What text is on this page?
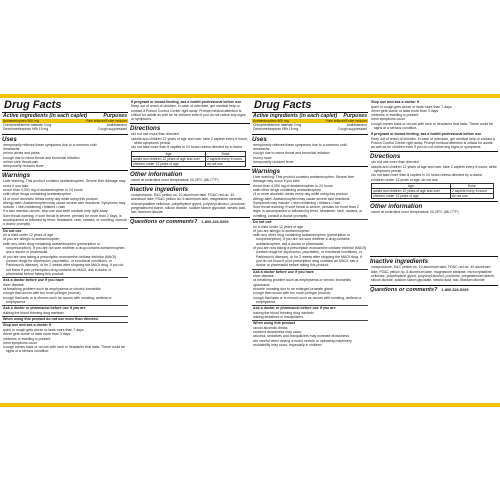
Drug Facts
Active ingredients (in each caplet)	Purposes
Acetaminophen 500 mg	Pain reliever/Fever reducer
Chlorpheniramine maleate 2 mg	Antihistamine
Dextromethorphan HBr 15 mg	Cough suppressant
Uses
• temporarily relieves these symptoms due to a common cold:
• headache
• minor aches and pains
• cough due to minor throat and bronchial irritation
• minor sore throat pain
• temporarily reduces fever
Warnings
Liver warning: This product contains acetaminophen. Severe liver damage may occur if you take
• more than 4,000 mg of acetaminophen in 24 hours
• with other drugs containing acetaminophen
• 3 or more alcoholic drinks every day while using this product
Allergy alert: Acetaminophen may cause severe skin reactions. Symptoms may include: • skin reddening • blisters • rash
If a skin reaction occurs, stop use and seek medical help right away.
Sore throat warning: If sore throat is severe, persists for more than 2 days, is accompanied or followed by fever, headache, rash, nausea, or vomiting, consult a doctor promptly.
Do not use
• in a child under 12 years of age
• if you are allergic to acetaminophen
• with any other drug containing acetaminophen (prescription or nonprescription). If you are not sure whether a drug contains acetaminophen, ask a doctor or pharmacist.
• if you are now taking a prescription monoamine oxidase inhibitor (MAOI) (certain drugs for depression, psychiatric, or emotional conditions, or Parkinson's disease), or for 2 weeks after stopping the MAOI drug. If you do not know if your prescription drug contains an MAOI, ask a doctor or pharmacist before taking this product.
Ask a doctor before use if you have
• liver disease
• a breathing problem such as emphysema or chronic bronchitis
• cough that occurs with too much phlegm (mucus)
• cough that lasts or is chronic such as occurs with smoking, asthma or emphysema
Ask a doctor or pharmacist before use if you are
• taking the blood thinning drug warfarin
When using this product do not use more than directed.
Stop use and ask a doctor if
• pain or cough gets worse or lasts more than 7 days
• fever gets worse or lasts more than 3 days
• redness or swelling is present
• new symptoms occur
• cough comes back or occurs with rash or headache that lasts. These could be signs of a serious condition.
If pregnant or breast-feeding, ask a health professional before use.
Keep out of reach of children. In case of overdose, get medical help or contact a Poison Control Center right away. Prompt medical attention is critical for adults as well as for children even if you do not notice any signs or symptoms.
Directions
• do not use more than directed
• adults and children 12 years of age and over: take 2 caplets every 6 hours, while symptoms persist
• do not take more than 8 caplets in 24 hours unless directed by a doctor
Age	Dose
adults and children 12 years of age and over	2 caplets every 6 hours
children under 12 years of age	do not use
Other information
• store at controlled room temperature 20-25°C (68-77°F)
Inactive ingredients
crospovidone, D&C yellow no. 10 aluminum lake, FD&C red no. 40 aluminum lake, FD&C yellow no. 6 aluminum lake, magnesium stearate, microcrystalline cellulose, polyethylene glycol, polyvinyl alcohol, povidone, pregelatinized starch, silicon dioxide, sodium starch glycolate, stearic acid, talc, titanium dioxide
Questions or comments? 1-800-326-5209
Drug Facts
Active ingredients (in each caplet) Purposes
Acetaminophen 500 mg	Pain reliever/Fever reducer
Chlorpheniramine maleate 2 mg	Antihistamine
Dextromethorphan HBr 15 mg	Cough suppressant
Uses
• temporarily relieves these symptoms due to a common cold:
• headache
• cough due to minor throat and bronchial irritation
• runny nose
• temporarily reduces fever
Warnings
Liver warning: This product contains acetaminophen. Severe liver damage may occur if you take
• more than 4,000 mg of acetaminophen in 24 hours
• with other drugs containing acetaminophen
• 3 or more alcoholic drinks every day while using this product
Allergy alert: Acetaminophen may cause severe skin reactions. Symptoms may include: • skin reddening • blisters • rash
Sore throat warning: If sore throat is severe, persists for more than 2 days, is accompanied or followed by fever, headache, rash, nausea, or vomiting, consult a doctor promptly.
Do not use
• in a child under 12 years of age
• if you are allergic to acetaminophen
• with any other drug containing acetaminophen (prescription or nonprescription). If you are not sure whether a drug contains acetaminophen, ask a doctor or pharmacist.
• if you are now taking a prescription monoamine oxidase inhibitor (MAOI) (certain drugs for depression, psychiatric, or emotional conditions, or Parkinson's disease), or for 2 weeks after stopping the MAOI drug. If you do not know if your prescription drug contains an MAOI, ask a doctor or pharmacist before taking this product.
Ask a doctor before use if you have
• liver disease
• a breathing problem such as emphysema or chronic bronchitis
• glaucoma
• trouble urinating due to an enlarged prostate gland
• cough that occurs with too much phlegm (mucus)
• cough that lasts or is chronic such as occurs with smoking, asthma or emphysema
Ask a doctor or pharmacist before use if you are
• taking the blood thinning drug warfarin
• taking sedatives or tranquilizers
When using this product
• avoid alcoholic drinks
• marked drowsiness may occur
• alcohol, sedatives and tranquilizers may increase drowsiness
• be careful when driving a motor vehicle or operating machinery
• excitability may occur, especially in children
Stop use and ask a doctor if
• pain or cough gets worse or lasts more than 7 days
• fever gets worse or lasts more than 3 days
• redness or swelling is present
• new symptoms occur
• cough comes back or occurs with rash or headache that lasts. These could be signs of a serious condition.
If pregnant or breast-feeding, ask a health professional before use.
Keep out of reach of children. In case of overdose, get medical help or contact a Poison Control Center right away. Prompt medical attention is critical for adults as well as for children even if you do not notice any signs or symptoms.
Directions
• do not use more than directed
• adults and children 12 years of age and over: take 2 caplets every 6 hours, while symptoms persist
• do not take more than 8 caplets in 24 hours unless directed by a doctor
• children under 12 years of age: do not use
Age	Dose
adults and children 12 years of age and over	2 caplets every 6 hours
children under 12 years of age	do not use
Other information
• store at controlled room temperature 20-25°C (68-77°F)
Inactive ingredients
crospovidone, D&C yellow no. 10 aluminum lake, FD&C red no. 40 aluminum lake, FD&C yellow no. 6 aluminum lake, magnesium stearate, microcrystalline cellulose, polyethylene glycol, polyvinyl alcohol, povidone, pregelatinized starch, silicon dioxide, sodium starch glycolate, stearic acid, talc, titanium dioxide
Questions or comments? 1-800-326-5209
